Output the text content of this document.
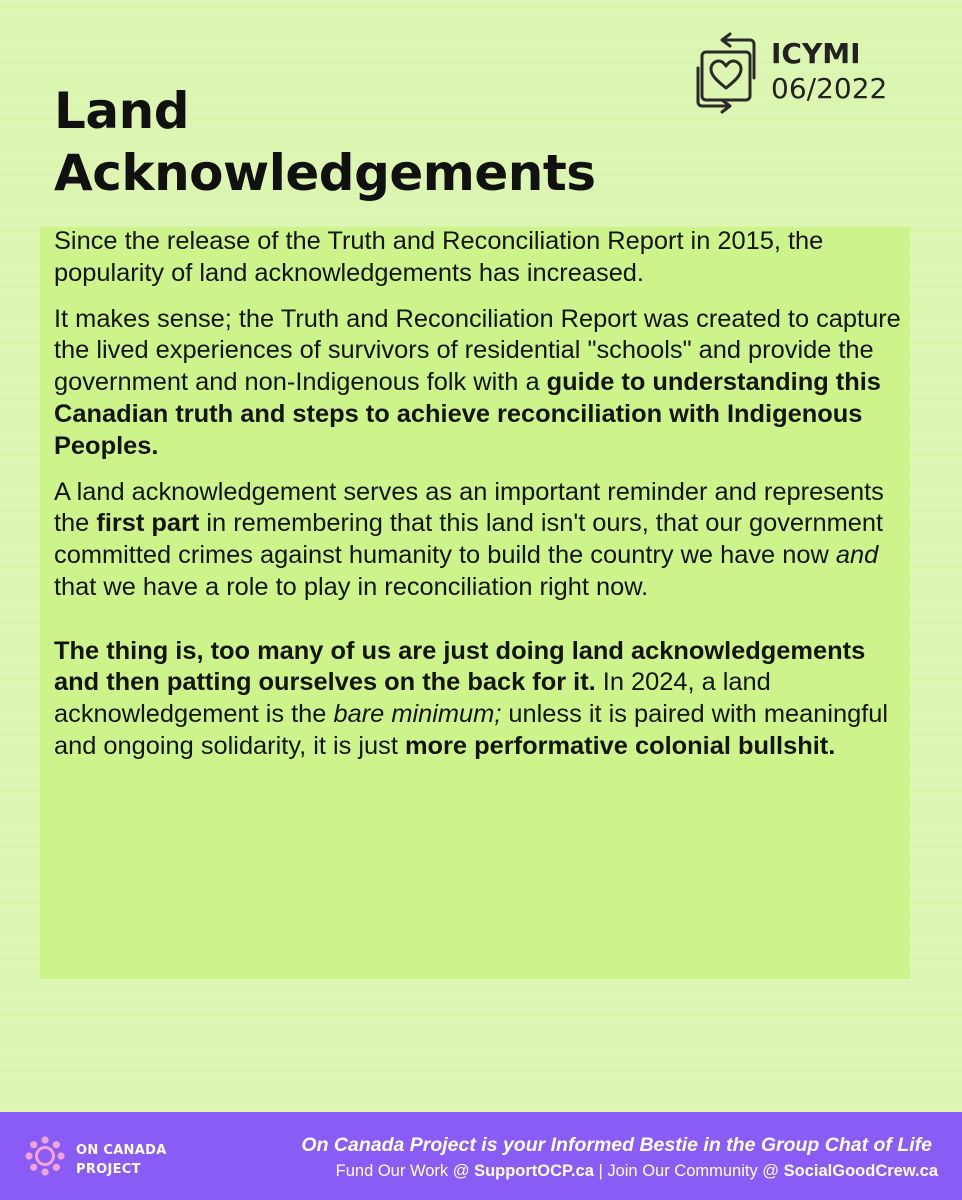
Land
Acknowledgements
ICYMI
06/2022

Since the release of the Truth and Reconciliation Report in 2015, the popularity of land acknowledgements has increased.

It makes sense; the Truth and Reconciliation Report was created to capture the lived experiences of survivors of residential "schools" and provide the government and non-Indigenous folk with a guide to understanding this Canadian truth and steps to achieve reconciliation with Indigenous Peoples.

A land acknowledgement serves as an important reminder and represents the first part in remembering that this land isn't ours, that our government committed crimes against humanity to build the country we have now and that we have a role to play in reconciliation right now.

The thing is, too many of us are just doing land acknowledgements and then patting ourselves on the back for it. In 2024, a land acknowledgement is the bare minimum; unless it is paired with meaningful and ongoing solidarity, it is just more performative colonial bullshit.

ON CANADA
PROJECT
On Canada Project is your Informed Bestie in the Group Chat of Life
Fund Our Work @ SupportOCP.ca | Join Our Community @ SocialGoodCrew.ca
